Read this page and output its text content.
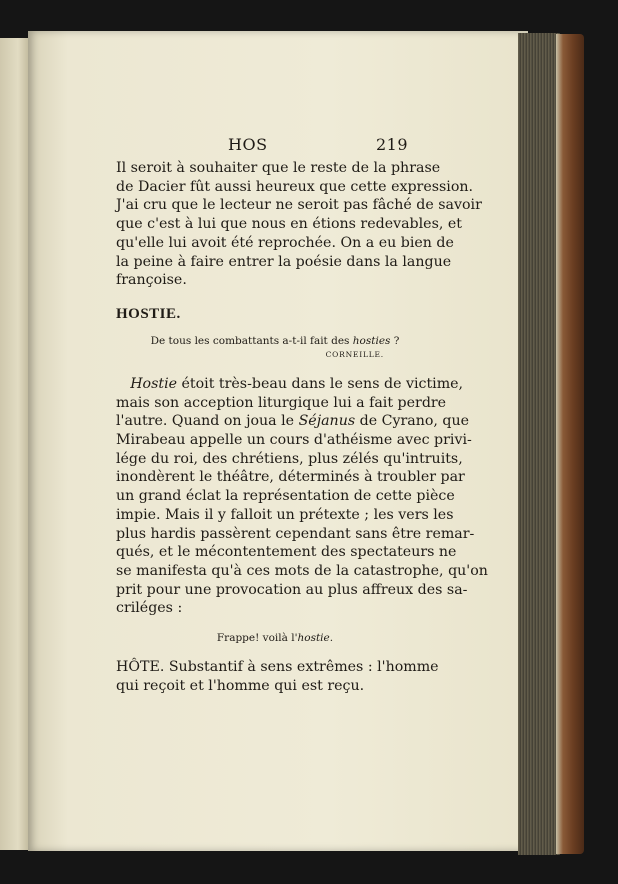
HOS	219
Il seroit à souhaiter que le reste de la phrase
de Dacier fût aussi heureux que cette expression.
J'ai cru que le lecteur ne seroit pas fâché de savoir
que c'est à lui que nous en étions redevables, et
qu'elle lui avoit été reprochée. On a eu bien de
la peine à faire entrer la poésie dans la langue
françoise.
HOSTIE.
De tous les combattants a-t-il fait des hosties ?
CORNEILLE.
 Hostie étoit très-beau dans le sens de victime,
mais son acception liturgique lui a fait perdre
l'autre. Quand on joua le Séjanus de Cyrano, que
Mirabeau appelle un cours d'athéisme avec privi-
lége du roi, des chrétiens, plus zélés qu'intruits,
inondèrent le théâtre, déterminés à troubler par
un grand éclat la représentation de cette pièce
impie. Mais il y falloit un prétexte ; les vers les
plus hardis passèrent cependant sans être remar-
qués, et le mécontentement des spectateurs ne
se manifesta qu'à ces mots de la catastrophe, qu'on
prit pour une provocation au plus affreux des sa-
criléges :
Frappe! voilà l'hostie.
HÔTE. Substantif à sens extrêmes : l'homme
qui reçoit et l'homme qui est reçu.
